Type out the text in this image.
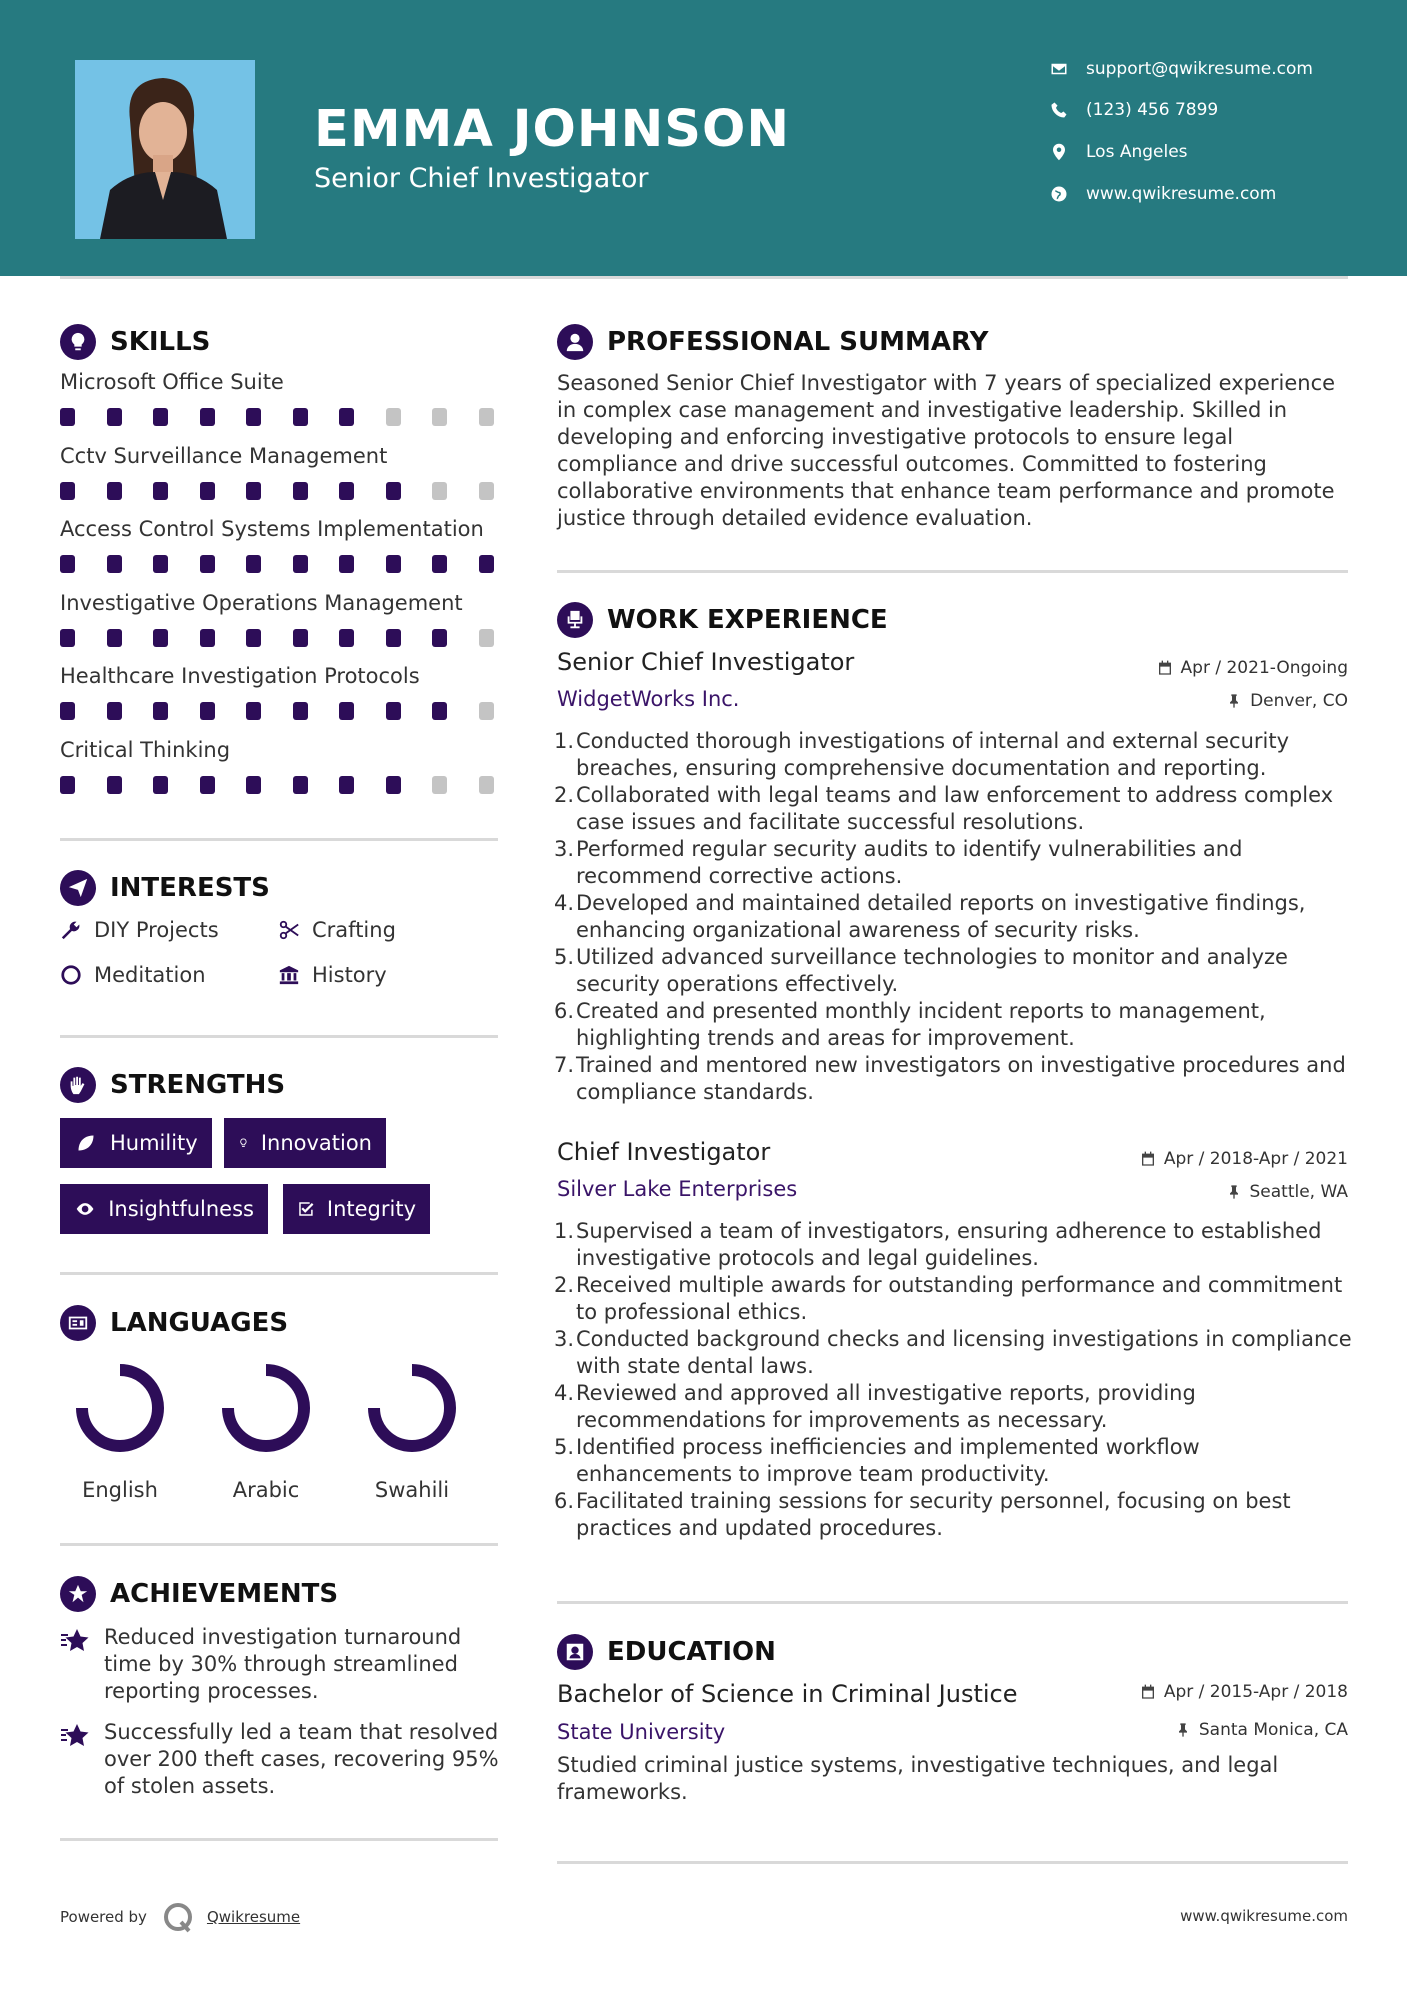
EMMA JOHNSON
Senior Chief Investigator
support@qwikresume.com
(123) 456 7899
Los Angeles
www.qwikresume.com
SKILLS
Microsoft Office Suite
Cctv Surveillance Management
Access Control Systems Implementation
Investigative Operations Management
Healthcare Investigation Protocols
Critical Thinking
INTERESTS
DIY Projects	Crafting
Meditation	History
STRENGTHS
Humility	Innovation
Insightfulness	Integrity
LANGUAGES
English	Arabic	Swahili
ACHIEVEMENTS
Reduced investigation turnaround time by 30% through streamlined reporting processes.
Successfully led a team that resolved over 200 theft cases, recovering 95% of stolen assets.
PROFESSIONAL SUMMARY
Seasoned Senior Chief Investigator with 7 years of specialized experience in complex case management and investigative leadership. Skilled in developing and enforcing investigative protocols to ensure legal compliance and drive successful outcomes. Committed to fostering collaborative environments that enhance team performance and promote justice through detailed evidence evaluation.
WORK EXPERIENCE
Senior Chief Investigator	Apr / 2021-Ongoing
WidgetWorks Inc.	Denver, CO
1. Conducted thorough investigations of internal and external security breaches, ensuring comprehensive documentation and reporting.
2. Collaborated with legal teams and law enforcement to address complex case issues and facilitate successful resolutions.
3. Performed regular security audits to identify vulnerabilities and recommend corrective actions.
4. Developed and maintained detailed reports on investigative findings, enhancing organizational awareness of security risks.
5. Utilized advanced surveillance technologies to monitor and analyze security operations effectively.
6. Created and presented monthly incident reports to management, highlighting trends and areas for improvement.
7. Trained and mentored new investigators on investigative procedures and compliance standards.
Chief Investigator	Apr / 2018-Apr / 2021
Silver Lake Enterprises	Seattle, WA
1. Supervised a team of investigators, ensuring adherence to established investigative protocols and legal guidelines.
2. Received multiple awards for outstanding performance and commitment to professional ethics.
3. Conducted background checks and licensing investigations in compliance with state dental laws.
4. Reviewed and approved all investigative reports, providing recommendations for improvements as necessary.
5. Identified process inefficiencies and implemented workflow enhancements to improve team productivity.
6. Facilitated training sessions for security personnel, focusing on best practices and updated procedures.
EDUCATION
Bachelor of Science in Criminal Justice	Apr / 2015-Apr / 2018
State University	Santa Monica, CA
Studied criminal justice systems, investigative techniques, and legal frameworks.
Powered by	Qwikresume	www.qwikresume.com
